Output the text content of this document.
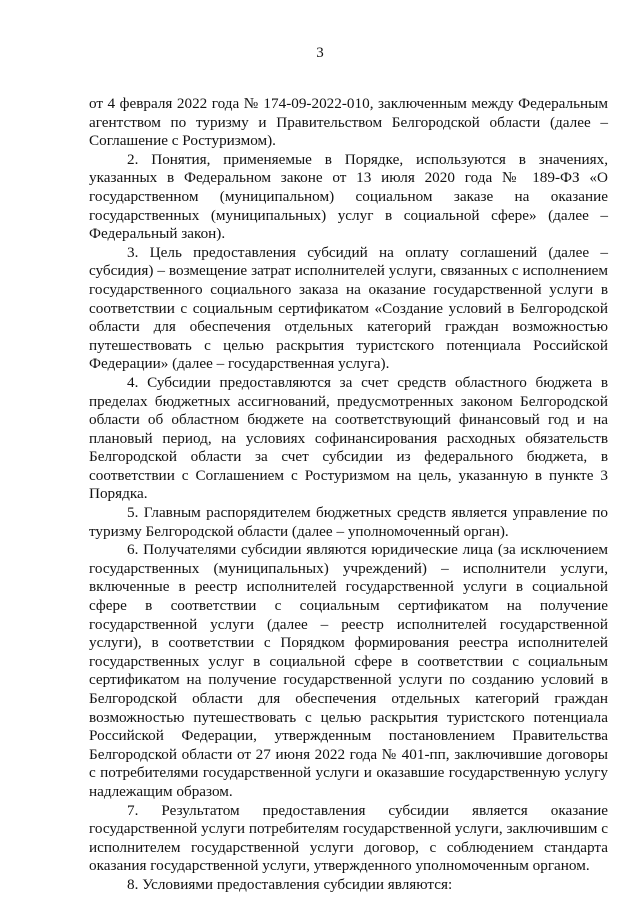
3

от 4 февраля 2022 года № 174-09-2022-010, заключенным между Федеральным агентством по туризму и Правительством Белгородской области (далее – Соглашение с Ростуризмом).

2. Понятия, применяемые в Порядке, используются в значениях, указанных в Федеральном законе от 13 июля 2020 года № 189-ФЗ «О государственном (муниципальном) социальном заказе на оказание государственных (муниципальных) услуг в социальной сфере» (далее – Федеральный закон).

3. Цель предоставления субсидий на оплату соглашений (далее – субсидия) – возмещение затрат исполнителей услуги, связанных с исполнением государственного социального заказа на оказание государственной услуги в соответствии с социальным сертификатом «Создание условий в Белгородской области для обеспечения отдельных категорий граждан возможностью путешествовать с целью раскрытия туристского потенциала Российской Федерации» (далее – государственная услуга).

4. Субсидии предоставляются за счет средств областного бюджета в пределах бюджетных ассигнований, предусмотренных законом Белгородской области об областном бюджете на соответствующий финансовый год и на плановый период, на условиях софинансирования расходных обязательств Белгородской области за счет субсидии из федерального бюджета, в соответствии с Соглашением с Ростуризмом на цель, указанную в пункте 3 Порядка.

5. Главным распорядителем бюджетных средств является управление по туризму Белгородской области (далее – уполномоченный орган).

6. Получателями субсидии являются юридические лица (за исключением государственных (муниципальных) учреждений) – исполнители услуги, включенные в реестр исполнителей государственной услуги в социальной сфере в соответствии с социальным сертификатом на получение государственной услуги (далее – реестр исполнителей государственной услуги), в соответствии с Порядком формирования реестра исполнителей государственных услуг в социальной сфере в соответствии с социальным сертификатом на получение государственной услуги по созданию условий в Белгородской области для обеспечения отдельных категорий граждан возможностью путешествовать с целью раскрытия туристского потенциала Российской Федерации, утвержденным постановлением Правительства Белгородской области от 27 июня 2022 года № 401-пп, заключившие договоры с потребителями государственной услуги и оказавшие государственную услугу надлежащим образом.

7. Результатом предоставления субсидии является оказание государственной услуги потребителям государственной услуги, заключившим с исполнителем государственной услуги договор, с соблюдением стандарта оказания государственной услуги, утвержденного уполномоченным органом.

8. Условиями предоставления субсидии являются:
